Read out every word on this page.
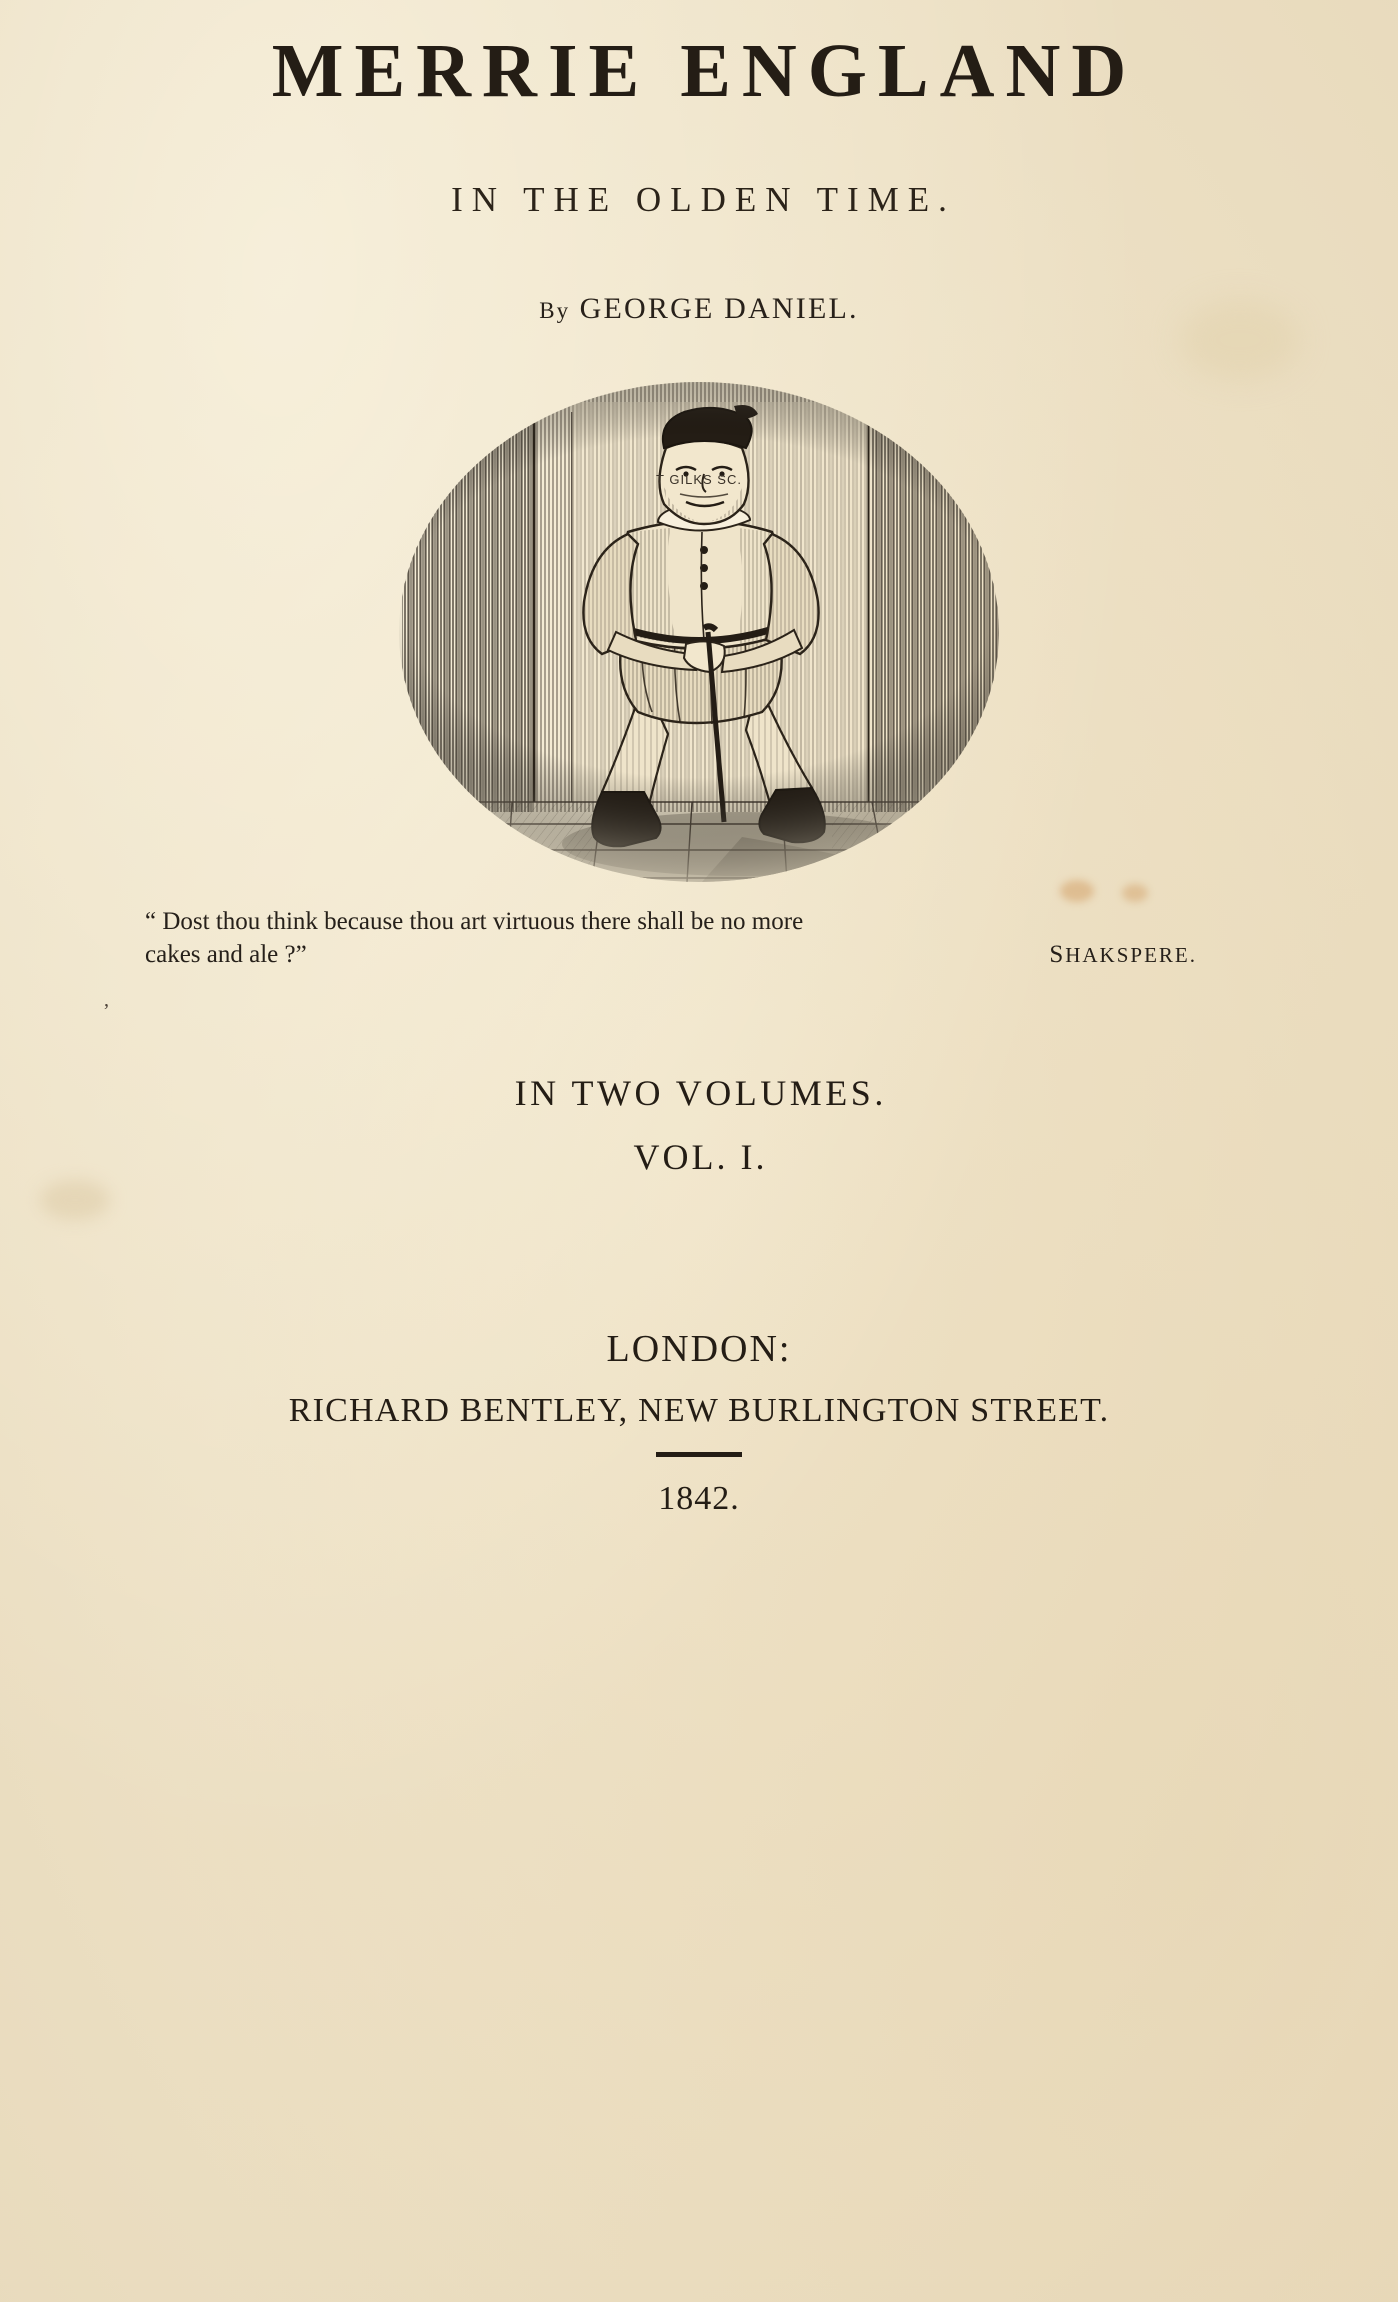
MERRIE ENGLAND
IN THE OLDEN TIME.
By GEORGE DANIEL.
T GILKS SC.
“ Dost thou think because thou art virtuous there shall be no more
cakes and ale ?”	SHAKSPERE.
’
IN TWO VOLUMES.
VOL. I.
LONDON:
RICHARD BENTLEY, NEW BURLINGTON STREET.
1842.
